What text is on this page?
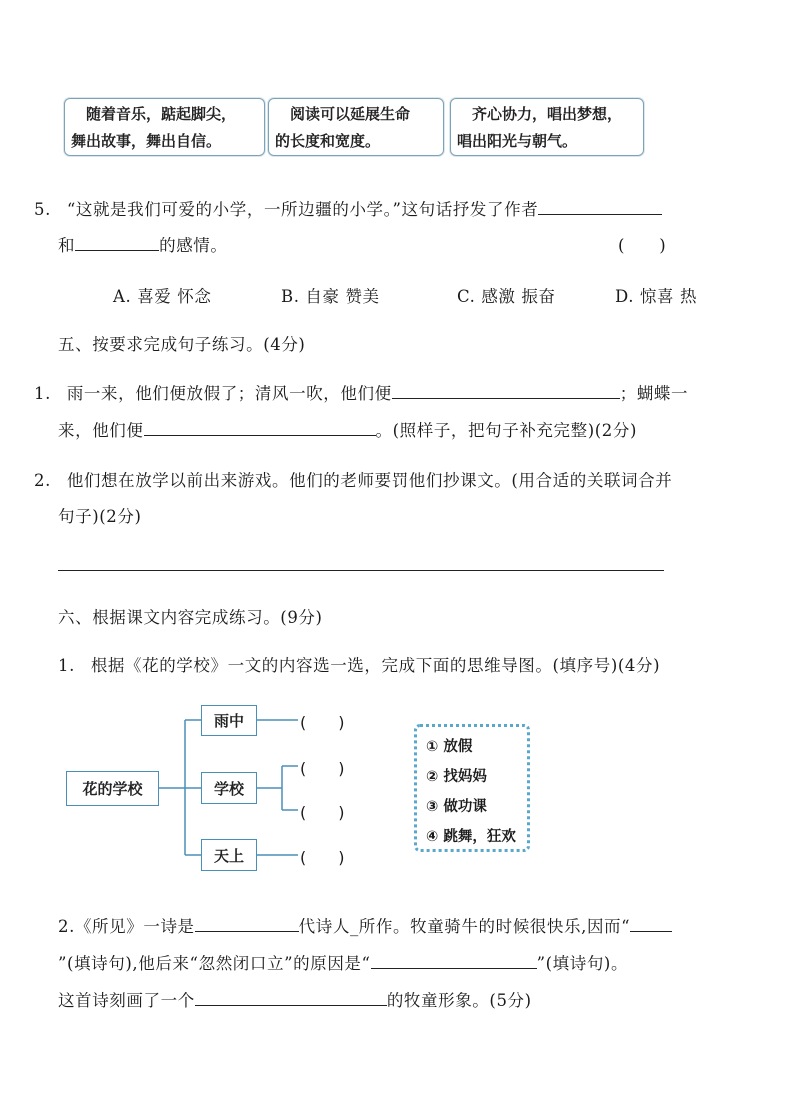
　随着音乐，踮起脚尖，
舞出故事，舞出自信。
　阅读可以延展生命
的长度和宽度。
　齐心协力，唱出梦想，
唱出阳光与朝气。
5. “这就是我们可爱的小学，一所边疆的小学。”这句话抒发了作者
和	的感情。	(　　)
A. 喜爱 怀念	B. 自豪 赞美	C. 感激 振奋	D. 惊喜 热
五、按要求完成句子练习。(4分)
1. 雨一来，他们便放假了；清风一吹，他们便	；蝴蝶一
来，他们便	。(照样子，把句子补充完整)(2分)
2. 他们想在放学以前出来游戏。他们的老师要罚他们抄课文。(用合适的关联词合并
句子)(2分)
六、根据课文内容完成练习。(9分)
1. 根据《花的学校》一文的内容选一选，完成下面的思维导图。(填序号)(4分)
花的学校
雨中
学校
天上
(　　)
(　　)
(　　)
(　　)
① 放假
② 找妈妈
③ 做功课
④ 跳舞，狂欢
2.《所见》一诗是	代诗人_所作。牧童骑牛的时候很快乐,因而“
”(填诗句),他后来“忽然闭口立”的原因是“	”(填诗句)。
这首诗刻画了一个	的牧童形象。(5分)
